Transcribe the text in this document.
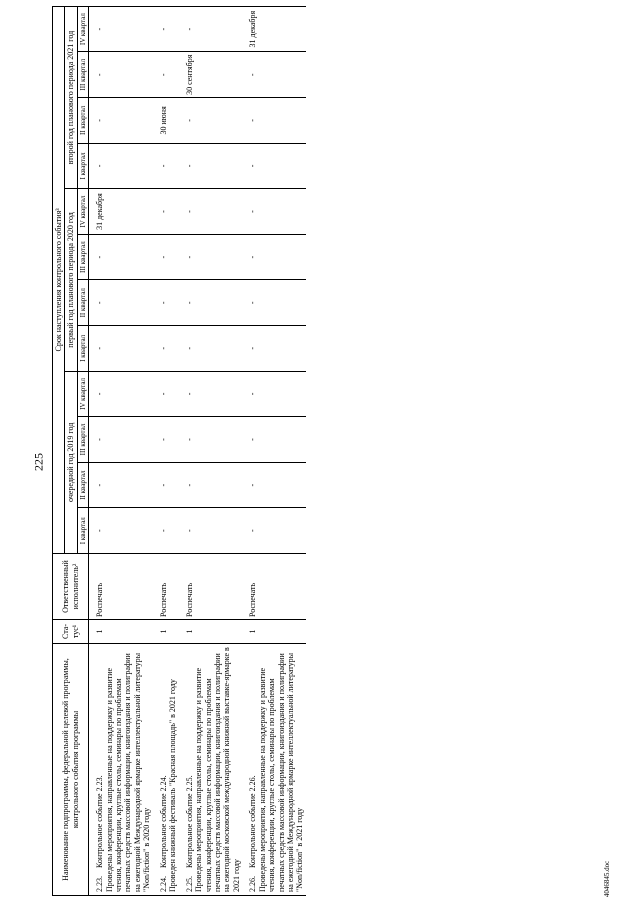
225
4046845.doc
Наименование подпрограммы, федеральной целевой программы, контрольного события программы	Ста-тус¹	Ответственный исполнитель²	Срок наступления контрольного события³											
			очередной год 2019 год				первый год планового периода 2020 год				второй год планового периода 2021 год			
			I квартал	II квартал	III квартал	IV квартал	I квартал	II квартал	III квартал	IV квартал	I квартал	II квартал	III квартал	IV квартал
2.23.Контрольное событие 2.23.
Проведены мероприятия, направленные на поддержку и развитие чтения, конференции, круглые столы, семинары по проблемам печатных средств массовой информации, книгоиздания и полиграфии на ежегодной Международной ярмарке интеллектуальной литературы "Non/fiction" в 2020 году	1	Роспечать	-	-	-	-	-	-	-	31 декабря	-	-	-	-
2.24.Контрольное событие 2.24.
Проведен книжный фестиваль "Красная площадь" в 2021 году	1	Роспечать	-	-	-	-	-	-	-	-	-	30 июня	-	-
2.25.Контрольное событие 2.25.
Проведены мероприятия, направленные на поддержку и развитие чтения, конференции, круглые столы, семинары по проблемам печатных средств массовой информации, книгоиздания и полиграфии на ежегодной московской международной книжной выставке-ярмарке в 2021 году	1	Роспечать	-	-	-	-	-	-	-	-	-	-	30 сентября	-
2.26.Контрольное событие 2.26.
Проведены мероприятия, направленные на поддержку и развитие чтения, конференции, круглые столы, семинары по проблемам печатных средств массовой информации, книгоиздания и полиграфии на ежегодной Международной ярмарке интеллектуальной литературы "Non/fiction" в 2021 году	1	Роспечать	-	-	-	-	-	-	-	-	-	-	-	31 декабря
